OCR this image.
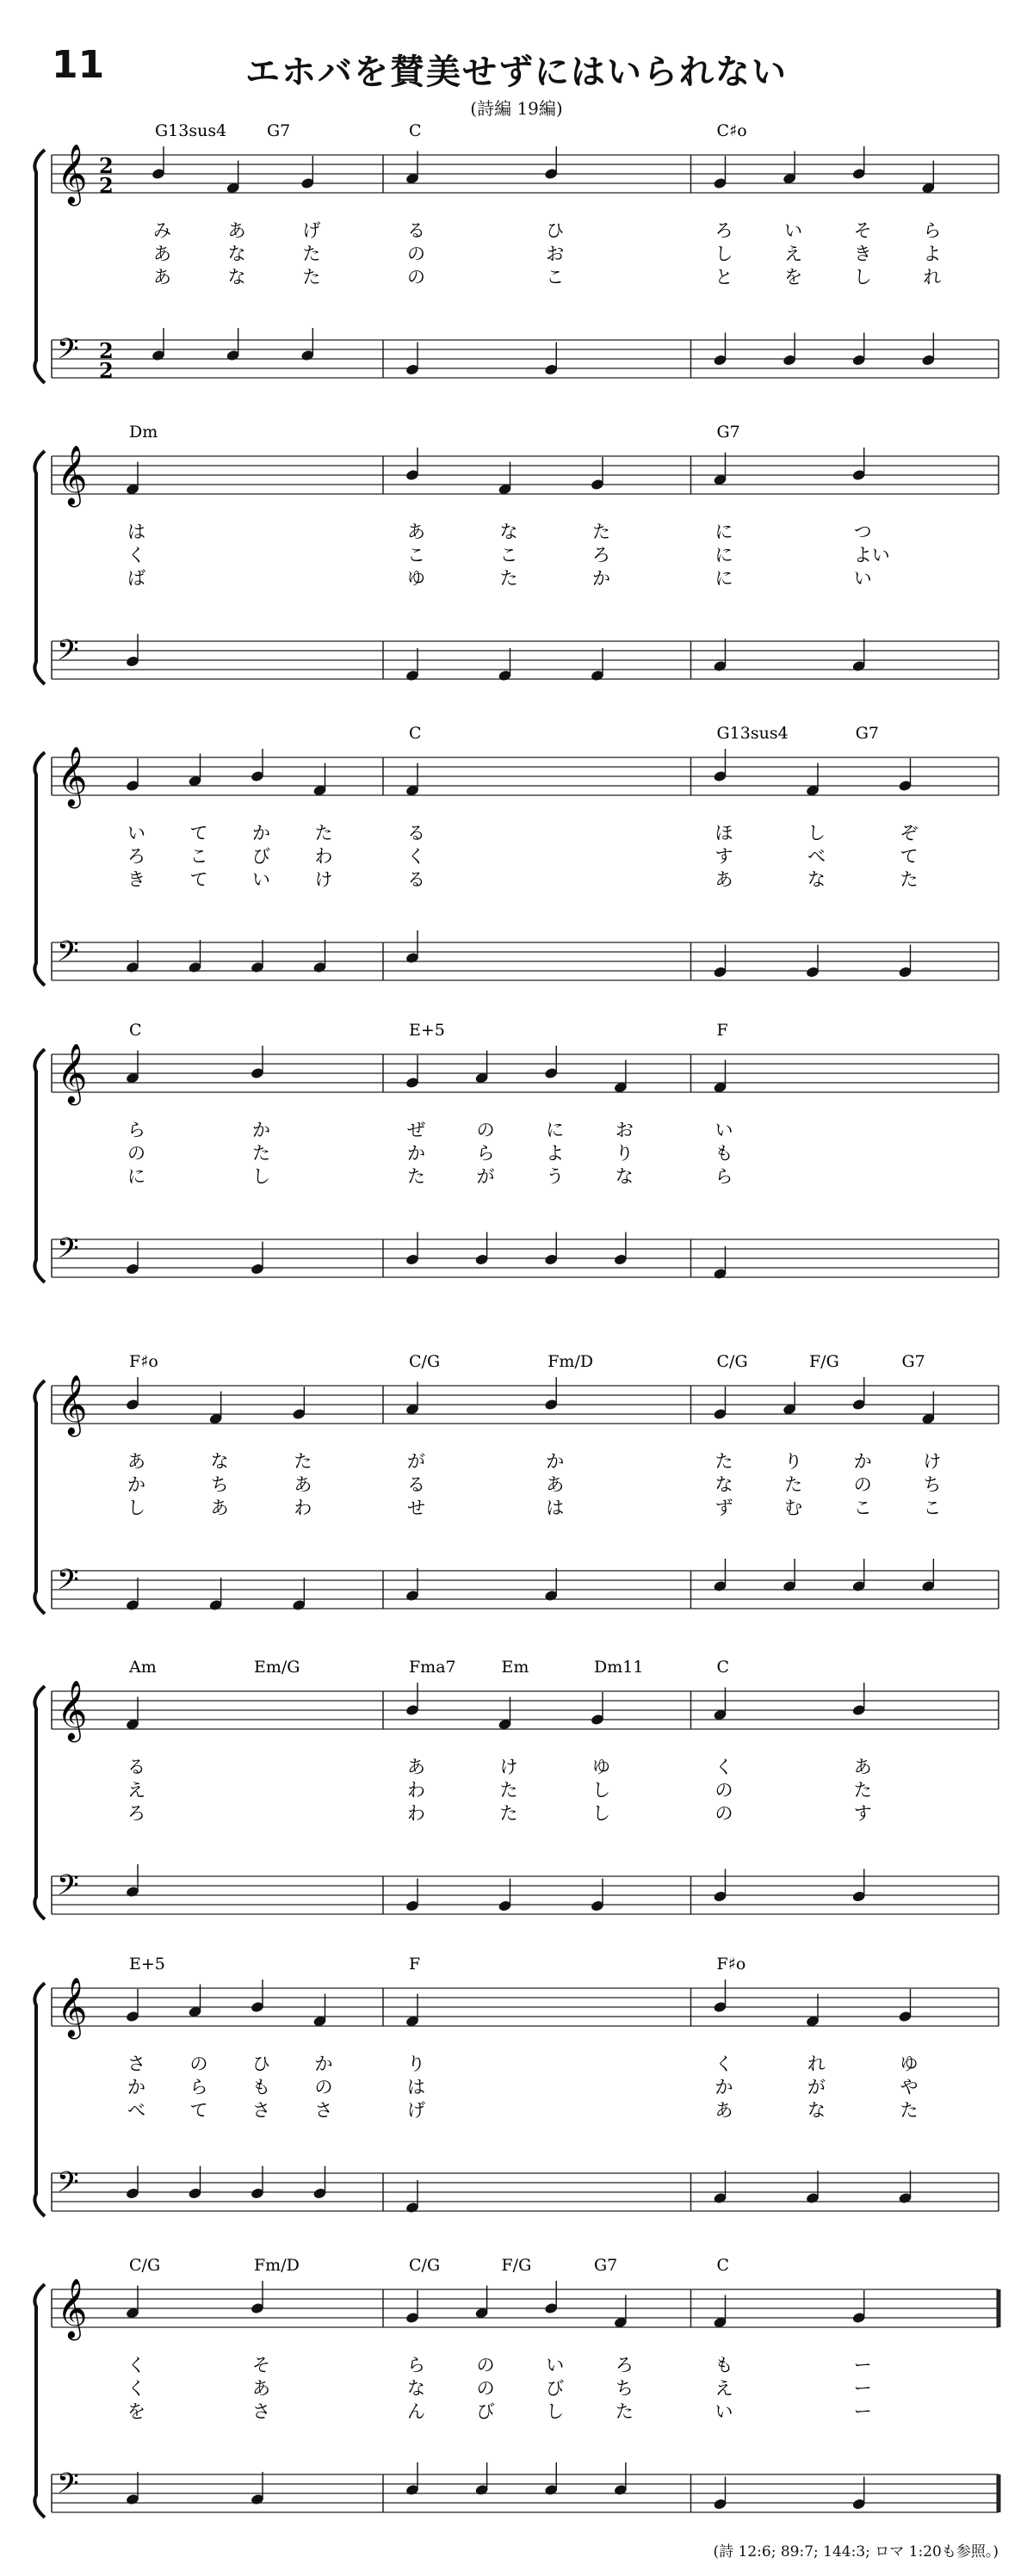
11	エホバを賛美せずにはいられない
(詩編 19編)
𝄞 2
2
𝄢 2
2
G13sus4 G7
み	あ	げ
あ	な	た
あ	な	た
C
る	ひ
の	お
の	こ
C♯o
ろ	い	そ	ら
し	え	き	よ
と	を	し	れ
𝄞
𝄢
Dm
は
く
ば
あ	な	た
こ	こ	ろ
ゆ	た	か
G7
に	つ
に	よい
に	い
𝄞
𝄢
い て か た
ろ こ び わ
き て い け
C
る
く
る
G13sus4	G7
ほ	し	ぞ
す	べ	て
あ	な	た
𝄞
𝄢
C
ら	か
の	た
に	し
E+5
ぜ	の	に	お
か	ら	よ	り
た	が	う	な
F
い
も
ら
𝄞
𝄢
F♯o
あ	な	た
か	ち	あ
し	あ	わ
C/G	Fm/D
が	か
る	あ
せ	は
C/G	F/G	G7
た	り	か	け
な	た	の	ち
ず	む	こ	こ
𝄞
𝄢
Am	Em/G
る
え
ろ
Fma7	Em	Dm11
あ	け	ゆ
わ	た	し
わ	た	し
C
く	あ
の	た
の	す
𝄞
𝄢
E+5
さ の ひ か
か ら も の
べ て さ さ
F
り
は
げ
F♯o
く	れ	ゆ
か	が	や
あ	な	た
𝄞
𝄢
C/G	Fm/D
く	そ
く	あ
を	さ
C/G	F/G	G7
ら	の	い	ろ
な	の	び	ち
ん	び	し	た
C
も	ー
え	ー
い	ー
(詩 12:6; 89:7; 144:3; ロマ 1:20も参照。)
